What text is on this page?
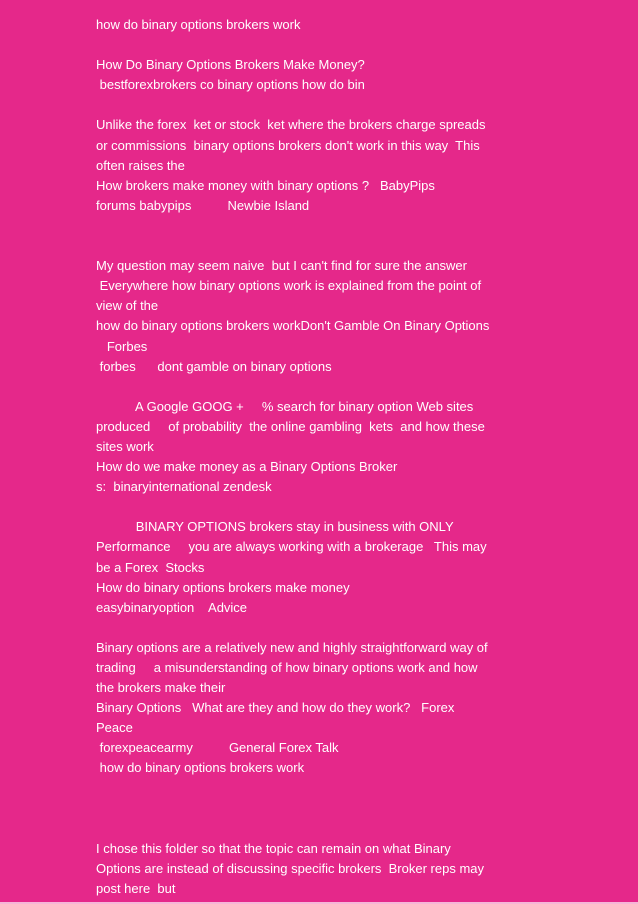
how do binary options brokers work
How Do Binary Options Brokers Make Money?
bestforexbrokers co binary options how do bin
Unlike the forex  ket or stock  ket where the brokers charge spreads
or commissions  binary options brokers don't work in this way  This
often raises the
How brokers make money with binary options ?   BabyPips
forums babypips          Newbie Island
My question may seem naive  but I can't find for sure the answer
Everywhere how binary options work is explained from the point of
view of the
how do binary options brokers workDon't Gamble On Binary Options
Forbes
forbes      dont gamble on binary options
A Google GOOG +     % search for binary option Web sites
produced     of probability  the online gambling  kets  and how these
sites work
How do we make money as a Binary Options Broker
s:  binaryinternational zendesk
BINARY OPTIONS brokers stay in business with ONLY
Performance     you are always working with a brokerage   This may
be a Forex  Stocks
How do binary options brokers make money
easybinaryoption    Advice
Binary options are a relatively new and highly straightforward way of
trading     a misunderstanding of how binary options work and how
the brokers make their
Binary Options   What are they and how do they work?   Forex
Peace
forexpeacearmy          General Forex Talk
how do binary options brokers work
I chose this folder so that the topic can remain on what Binary
Options are instead of discussing specific brokers  Broker reps may
post here  but
